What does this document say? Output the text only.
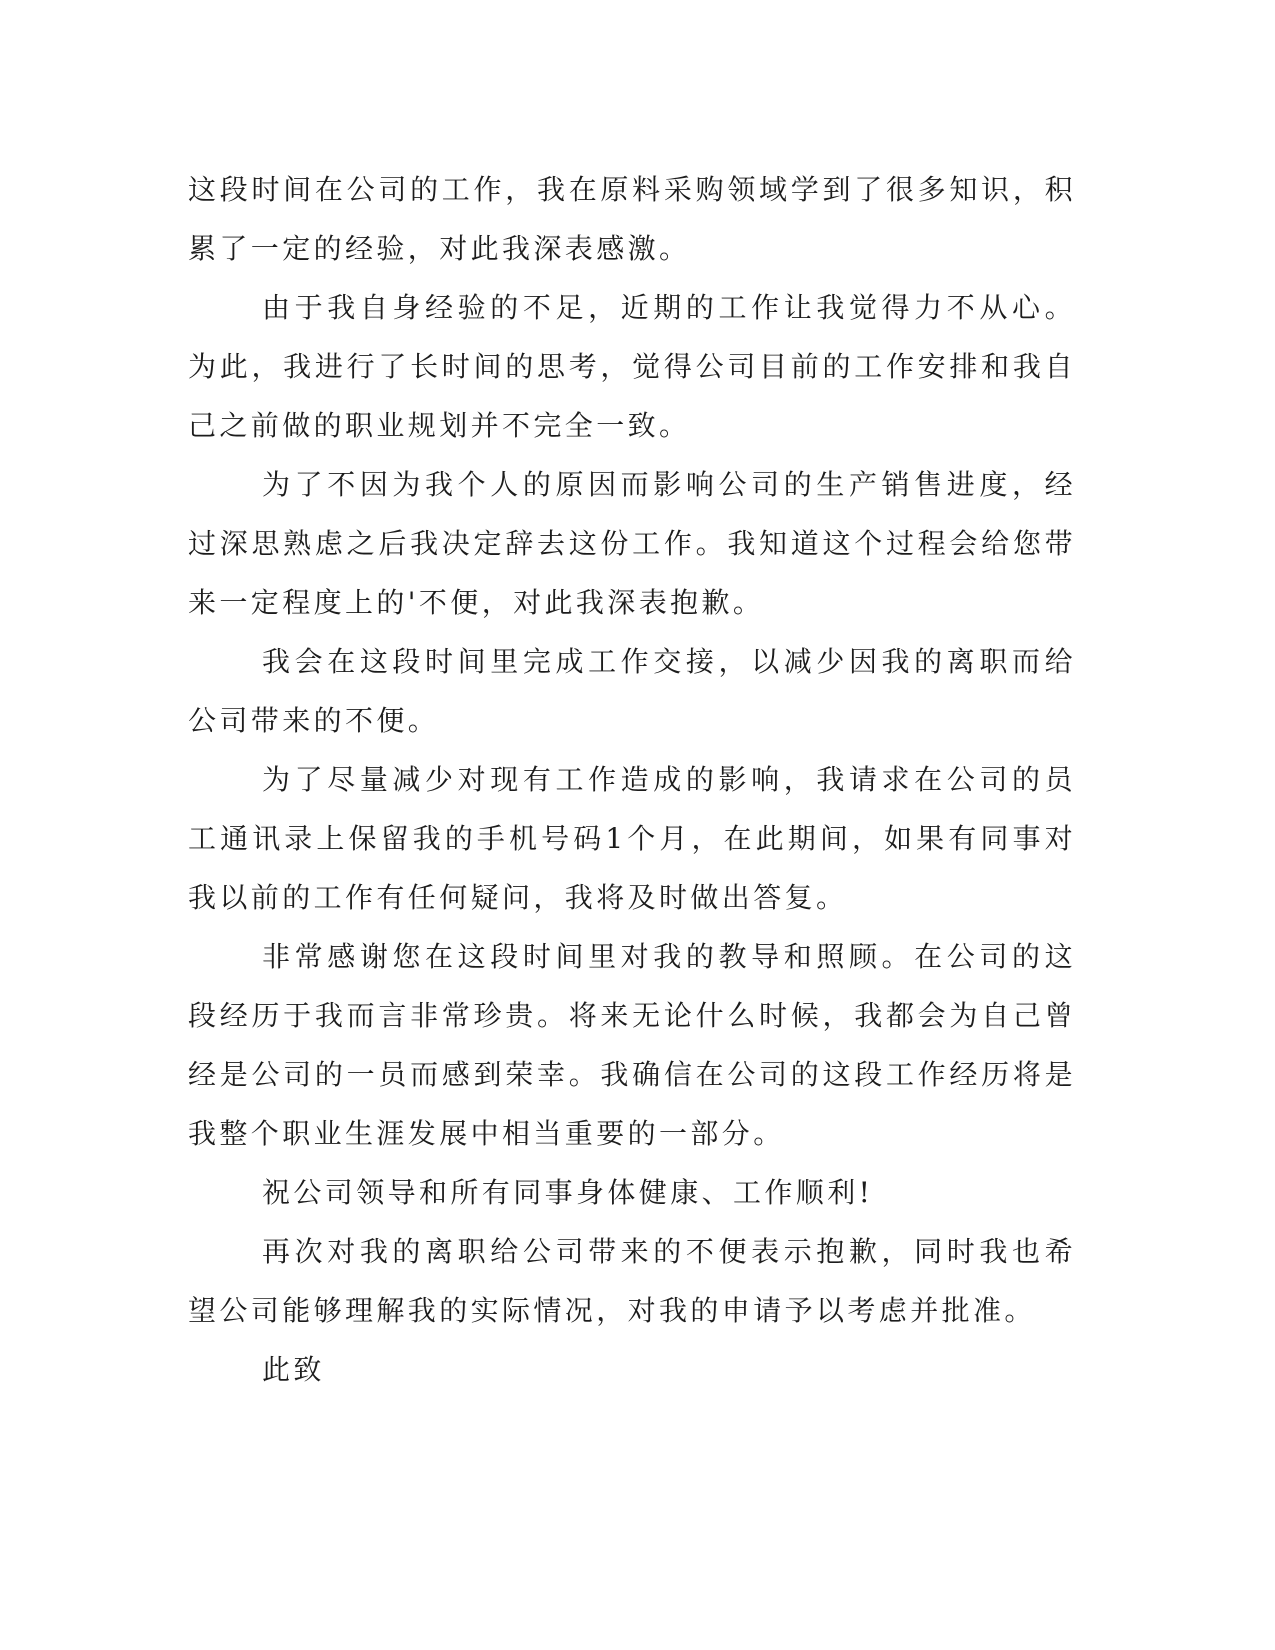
这段时间在公司的工作，我在原料采购领域学到了很多知识，积累了一定的经验，对此我深表感激。

由于我自身经验的不足，近期的工作让我觉得力不从心。为此，我进行了长时间的思考，觉得公司目前的工作安排和我自己之前做的职业规划并不完全一致。

为了不因为我个人的原因而影响公司的生产销售进度，经过深思熟虑之后我决定辞去这份工作。我知道这个过程会给您带来一定程度上的'不便，对此我深表抱歉。

我会在这段时间里完成工作交接，以减少因我的离职而给公司带来的不便。

为了尽量减少对现有工作造成的影响，我请求在公司的员工通讯录上保留我的手机号码1个月，在此期间，如果有同事对我以前的工作有任何疑问，我将及时做出答复。

非常感谢您在这段时间里对我的教导和照顾。在公司的这段经历于我而言非常珍贵。将来无论什么时候，我都会为自己曾经是公司的一员而感到荣幸。我确信在公司的这段工作经历将是我整个职业生涯发展中相当重要的一部分。

祝公司领导和所有同事身体健康、工作顺利!

再次对我的离职给公司带来的不便表示抱歉，同时我也希望公司能够理解我的实际情况，对我的申请予以考虑并批准。

此致
